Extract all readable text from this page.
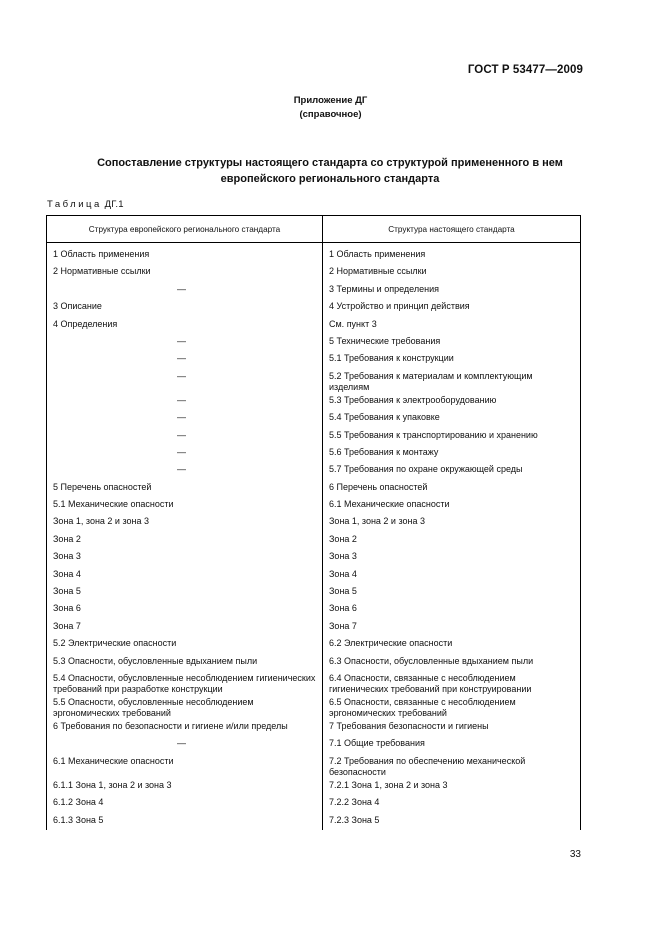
ГОСТ Р 53477—2009
Приложение ДГ
(справочное)
Сопоставление структуры настоящего стандарта со структурой примененного в нем
европейского регионального стандарта
Таблица ДГ.1
Структура европейского регионального стандарта	Структура настоящего стандарта
1 Область применения	1 Область применения
2 Нормативные ссылки	2 Нормативные ссылки
—	3 Термины и определения
3 Описание	4 Устройство и принцип действия
4 Определения	См. пункт 3
—	5 Технические требования
—	5.1 Требования к конструкции
—	5.2 Требования к материалам и комплектующим изделиям
—	5.3 Требования к электрооборудованию
—	5.4 Требования к упаковке
—	5.5 Требования к транспортированию и хранению
—	5.6 Требования к монтажу
—	5.7 Требования по охране окружающей среды
5 Перечень опасностей	6 Перечень опасностей
5.1 Механические опасности	6.1 Механические опасности
Зона 1, зона 2 и зона 3	Зона 1, зона 2 и зона 3
Зона 2	Зона 2
Зона 3	Зона 3
Зона 4	Зона 4
Зона 5	Зона 5
Зона 6	Зона 6
Зона 7	Зона 7
5.2 Электрические опасности	6.2 Электрические опасности
5.3 Опасности, обусловленные вдыханием пыли	6.3 Опасности, обусловленные вдыханием пыли
5.4 Опасности, обусловленные несоблюдением гигиенических требований при разработке конструкции	6.4 Опасности, связанные с несоблюдением гигиенических требований при конструировании
5.5 Опасности, обусловленные несоблюдением эргономических требований	6.5 Опасности, связанные с несоблюдением эргономических требований
6 Требования по безопасности и гигиене и/или пределы	7 Требования безопасности и гигиены
—	7.1 Общие требования
6.1 Механические опасности	7.2 Требования по обеспечению механической безопасности
6.1.1 Зона 1, зона 2 и зона 3	7.2.1 Зона 1, зона 2 и зона 3
6.1.2 Зона 4	7.2.2 Зона 4
6.1.3 Зона 5	7.2.3 Зона 5
33
